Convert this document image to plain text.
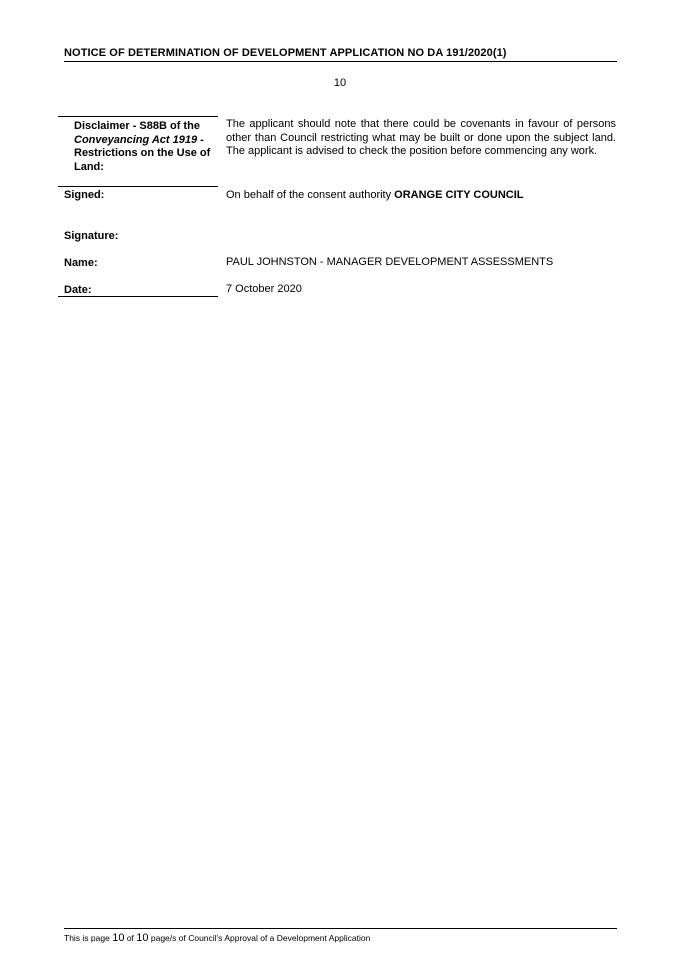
NOTICE OF DETERMINATION OF DEVELOPMENT APPLICATION NO DA 191/2020(1)
10
Disclaimer - S88B of the
Conveyancing Act 1919 - Restrictions on the Use of Land:
The applicant should note that there could be covenants in favour of persons other than Council restricting what may be built or done upon the subject land. The applicant is advised to check the position before commencing any work.
Signed:	On behalf of the consent authority ORANGE CITY COUNCIL
Signature:
Name:	PAUL JOHNSTON - MANAGER DEVELOPMENT ASSESSMENTS
Date:	7 October 2020
This is page 10 of 10 page/s of Council's Approval of a Development Application
